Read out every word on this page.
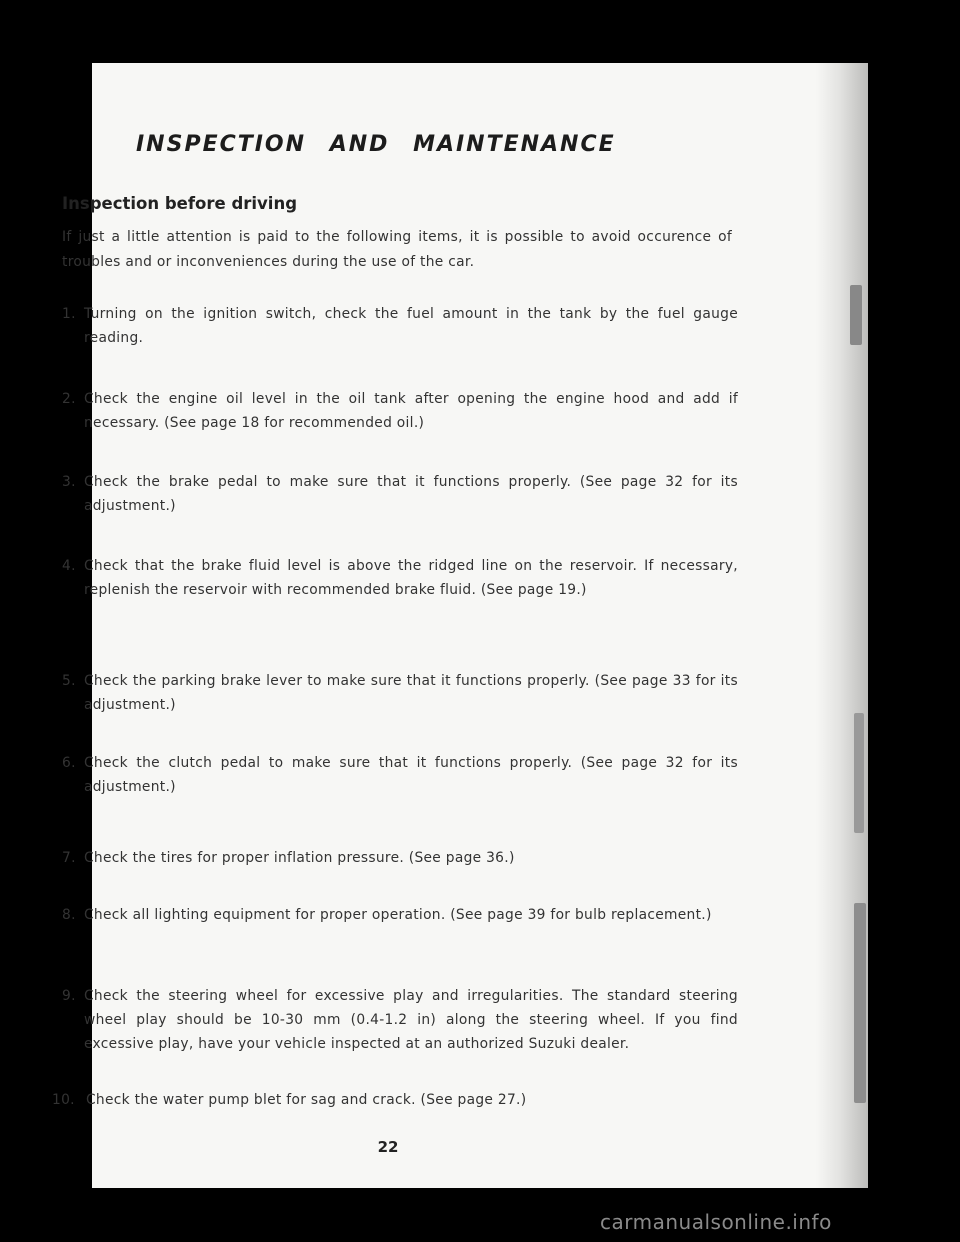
INSPECTION AND MAINTENANCE
Inspection before driving

If just a little attention is paid to the following items, it is possible to avoid occurence of troubles and or inconveniences during the use of the car.

1. Turning on the ignition switch, check the fuel amount in the tank by the fuel gauge reading.
2. Check the engine oil level in the oil tank after opening the engine hood and add if necessary. (See page 18 for recommended oil.)
3. Check the brake pedal to make sure that it functions properly. (See page 32 for its adjustment.)
4. Check that the brake fluid level is above the ridged line on the reservoir. If necessary, replenish the reservoir with recommended brake fluid. (See page 19.)
5. Check the parking brake lever to make sure that it functions properly. (See page 33 for its adjustment.)
6. Check the clutch pedal to make sure that it functions properly. (See page 32 for its adjustment.)
7. Check the tires for proper inflation pressure. (See page 36.)
8. Check all lighting equipment for proper operation. (See page 39 for bulb replacement.)
9. Check the steering wheel for excessive play and irregularities. The standard steering wheel play should be 10-30 mm (0.4-1.2 in) along the steering wheel. If you find excessive play, have your vehicle inspected at an authorized Suzuki dealer.
10. Check the water pump blet for sag and crack. (See page 27.)
22
carmanualsonline.info
